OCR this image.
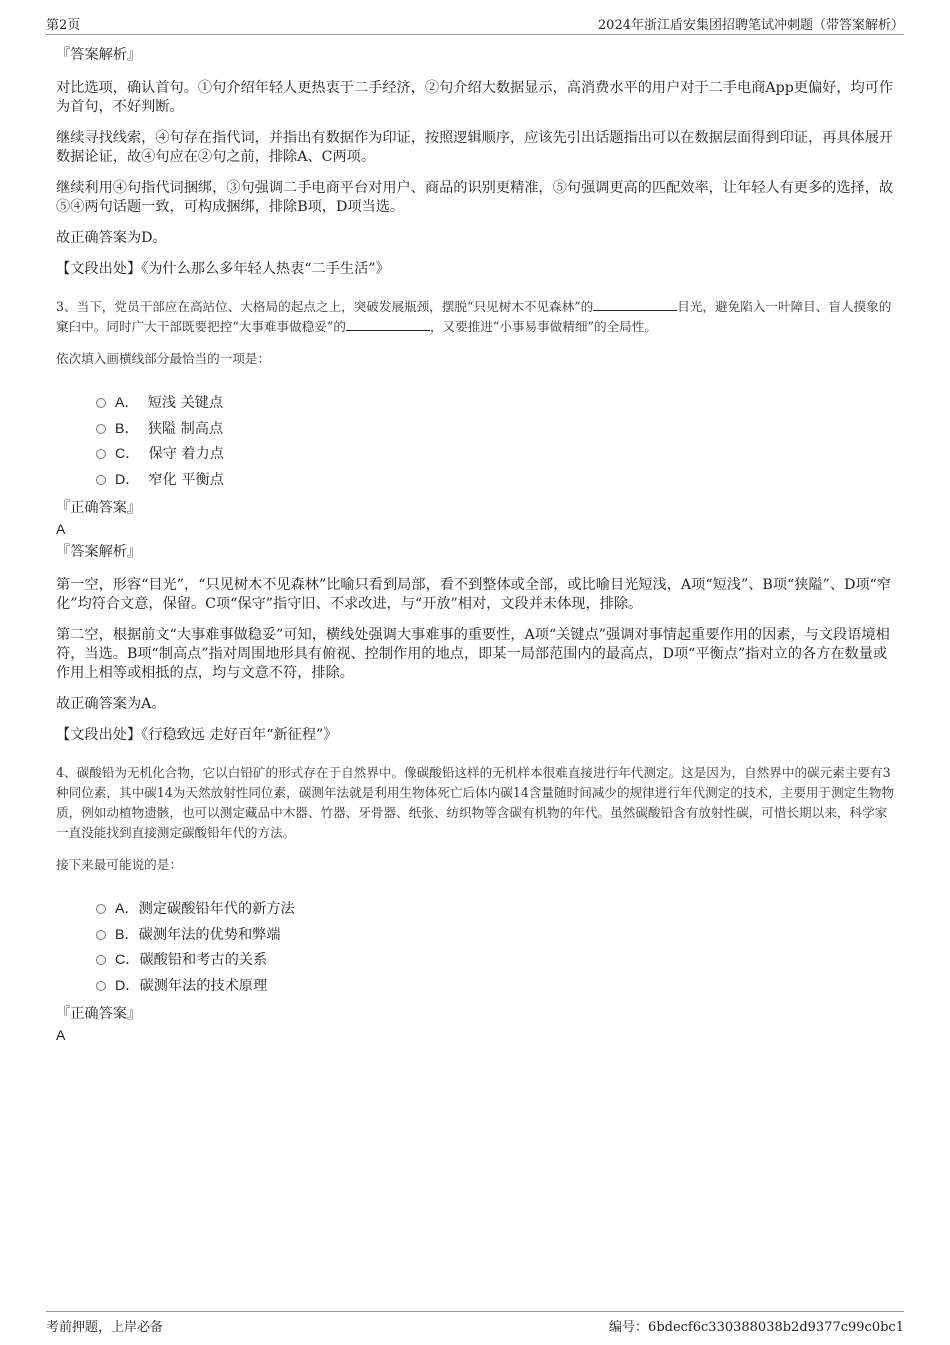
第2页	2024年浙江盾安集团招聘笔试冲刺题（带答案解析）
『答案解析』

对比选项，确认首句。①句介绍年轻人更热衷于二手经济，②句介绍大数据显示，高消费水平的用户对于二手电商App更偏好，均可作为首句，不好判断。

继续寻找线索，④句存在指代词，并指出有数据作为印证，按照逻辑顺序，应该先引出话题指出可以在数据层面得到印证，再具体展开数据论证，故④句应在②句之前，排除A、C两项。

继续利用④句指代词捆绑，③句强调二手电商平台对用户、商品的识别更精准，⑤句强调更高的匹配效率，让年轻人有更多的选择，故⑤④两句话题一致，可构成捆绑，排除B项，D项当选。

故正确答案为D。

【文段出处】《为什么那么多年轻人热衷“二手生活”》

3、当下，党员干部应在高站位、大格局的起点之上，突破发展瓶颈，摆脱“只见树木不见森林”的	目光，避免陷入一叶障目、盲人摸象的窠臼中。同时广大干部既要把控“大事难事做稳妥”的	，又要推进“小事易事做精细”的全局性。

依次填入画横线部分最恰当的一项是：

A． 短浅 关键点
B． 狭隘 制高点
C． 保守 着力点
D． 窄化 平衡点
『正确答案』
A
『答案解析』

第一空，形容“目光”，“只见树木不见森林”比喻只看到局部，看不到整体或全部，或比喻目光短浅，A项“短浅”、B项“狭隘”、D项“窄化”均符合文意，保留。C项“保守”指守旧、不求改进，与“开放”相对，文段并未体现，排除。

第二空，根据前文“大事难事做稳妥”可知，横线处强调大事难事的重要性，A项“关键点”强调对事情起重要作用的因素，与文段语境相符，当选。B项“制高点”指对周围地形具有俯视、控制作用的地点，即某一局部范围内的最高点，D项“平衡点”指对立的各方在数量或作用上相等或相抵的点，均与文意不符，排除。

故正确答案为A。

【文段出处】《行稳致远 走好百年“新征程”》

4、碳酸铅为无机化合物，它以白铅矿的形式存在于自然界中。像碳酸铅这样的无机样本很难直接进行年代测定。这是因为，自然界中的碳元素主要有3种同位素，其中碳14为天然放射性同位素，碳测年法就是利用生物体死亡后体内碳14含量随时间减少的规律进行年代测定的技术，主要用于测定生物物质，例如动植物遗骸，也可以测定藏品中木器、竹器、牙骨器、纸张、纺织物等含碳有机物的年代。虽然碳酸铅含有放射性碳，可惜长期以来，科学家一直没能找到直接测定碳酸铅年代的方法。

接下来最可能说的是：

A．测定碳酸铅年代的新方法
B．碳测年法的优势和弊端
C．碳酸铅和考古的关系
D．碳测年法的技术原理
『正确答案』
A
考前押题，上岸必备	编号：6bdecf6c330388038b2d9377c99c0bc1
